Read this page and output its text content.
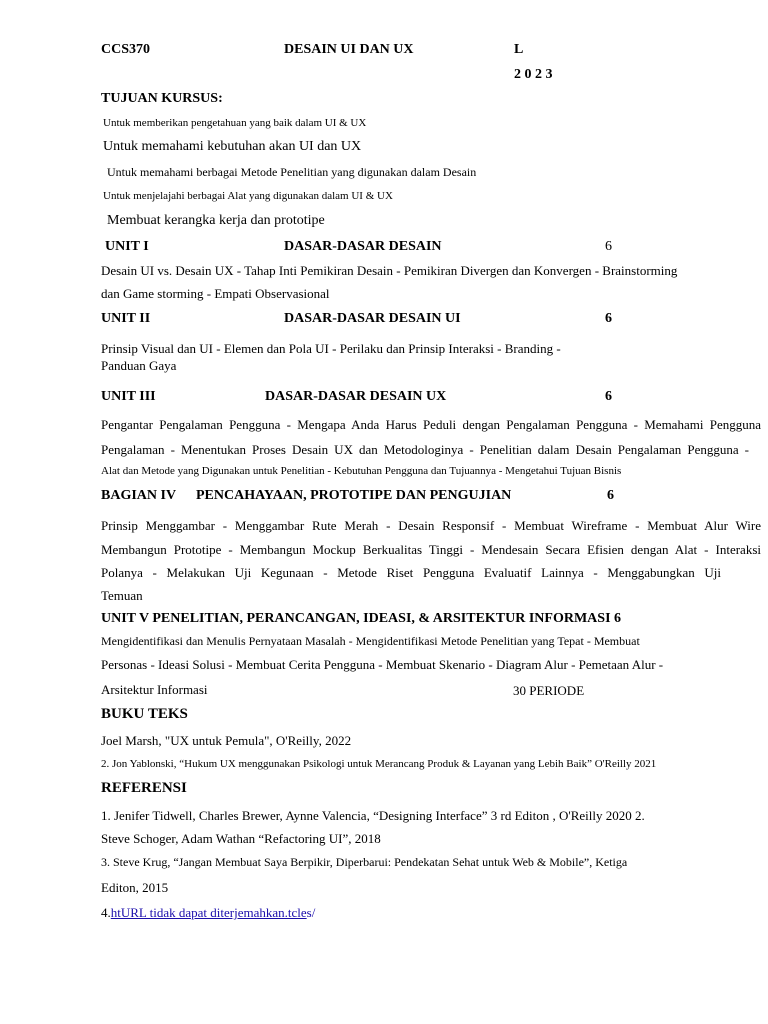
CCS370	DESAIN UI DAN UX	L
2 0 2 3
TUJUAN KURSUS:
Untuk memberikan pengetahuan yang baik dalam UI & UX
Untuk memahami kebutuhan akan UI dan UX
Untuk memahami berbagai Metode Penelitian yang digunakan dalam Desain
Untuk menjelajahi berbagai Alat yang digunakan dalam UI & UX
Membuat kerangka kerja dan prototipe
UNIT I	DASAR-DASAR DESAIN	6
Desain UI vs. Desain UX - Tahap Inti Pemikiran Desain - Pemikiran Divergen dan Konvergen - Brainstorming
dan Game storming - Empati Observasional
UNIT II	DASAR-DASAR DESAIN UI	6
Prinsip Visual dan UI - Elemen dan Pola UI - Perilaku dan Prinsip Interaksi - Branding -
Panduan Gaya
UNIT III	DASAR-DASAR DESAIN UX	6
Pengantar Pengalaman Pengguna - Mengapa Anda Harus Peduli dengan Pengalaman Pengguna - Memahami Pengguna
Pengalaman - Menentukan Proses Desain UX dan Metodologinya - Penelitian dalam Desain Pengalaman Pengguna -
Alat dan Metode yang Digunakan untuk Penelitian - Kebutuhan Pengguna dan Tujuannya - Mengetahui Tujuan Bisnis
BAGIAN IV PENCAHAYAAN, PROTOTIPE DAN PENGUJIAN	6
Prinsip Menggambar - Menggambar Rute Merah - Desain Responsif - Membuat Wireframe - Membuat Alur Wire
Membangun Prototipe - Membangun Mockup Berkualitas Tinggi - Mendesain Secara Efisien dengan Alat - Interaksi
Polanya - Melakukan Uji Kegunaan - Metode Riset Pengguna Evaluatif Lainnya - Menggabungkan Uji
Temuan
UNIT V PENELITIAN, PERANCANGAN, IDEASI, & ARSITEKTUR INFORMASI 6
Mengidentifikasi dan Menulis Pernyataan Masalah - Mengidentifikasi Metode Penelitian yang Tepat - Membuat
Personas - Ideasi Solusi - Membuat Cerita Pengguna - Membuat Skenario - Diagram Alur - Pemetaan Alur -
Arsitektur Informasi	30 PERIODE
BUKU TEKS
Joel Marsh, "UX untuk Pemula", O'Reilly, 2022
2. Jon Yablonski, “Hukum UX menggunakan Psikologi untuk Merancang Produk & Layanan yang Lebih Baik” O'Reilly 2021
REFERENSI
1. Jenifer Tidwell, Charles Brewer, Aynne Valencia, “Designing Interface” 3 rd Editon , O'Reilly 2020 2.
Steve Schoger, Adam Wathan “Refactoring UI”, 2018
3. Steve Krug, “Jangan Membuat Saya Berpikir, Diperbarui: Pendekatan Sehat untuk Web & Mobile”, Ketiga
Editon, 2015
4.htURL tidak dapat diterjemahkan.tcles/
